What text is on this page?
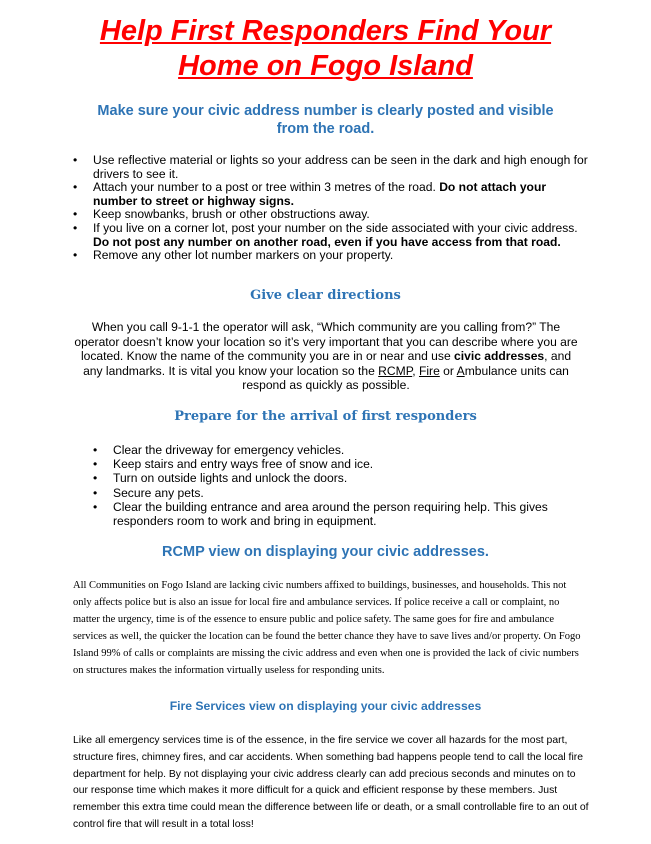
Help First Responders Find Your
Home on Fogo Island
Make sure your civic address number is clearly posted and visible
from the road.
• Use reflective material or lights so your address can be seen in the dark and high enough for drivers to see it.
• Attach your number to a post or tree within 3 metres of the road. Do not attach your number to street or highway signs.
• Keep snowbanks, brush or other obstructions away.
• If you live on a corner lot, post your number on the side associated with your civic address. Do not post any number on another road, even if you have access from that road.
• Remove any other lot number markers on your property.
Give clear directions
When you call 9-1-1 the operator will ask, “Which community are you calling from?” The operator doesn’t know your location so it’s very important that you can describe where you are located. Know the name of the community you are in or near and use civic addresses, and any landmarks. It is vital you know your location so the RCMP, Fire or Ambulance units can respond as quickly as possible.
Prepare for the arrival of first responders
• Clear the driveway for emergency vehicles.
• Keep stairs and entry ways free of snow and ice.
• Turn on outside lights and unlock the doors.
• Secure any pets.
• Clear the building entrance and area around the person requiring help. This gives responders room to work and bring in equipment.
RCMP view on displaying your civic addresses.
All Communities on Fogo Island are lacking civic numbers affixed to buildings, businesses, and households. This not only affects police but is also an issue for local fire and ambulance services. If police receive a call or complaint, no matter the urgency, time is of the essence to ensure public and police safety. The same goes for fire and ambulance services as well, the quicker the location can be found the better chance they have to save lives and/or property. On Fogo Island 99% of calls or complaints are missing the civic address and even when one is provided the lack of civic numbers on structures makes the information virtually useless for responding units.
Fire Services view on displaying your civic addresses
Like all emergency services time is of the essence, in the fire service we cover all hazards for the most part, structure fires, chimney fires, and car accidents. When something bad happens people tend to call the local fire department for help. By not displaying your civic address clearly can add precious seconds and minutes on to our response time which makes it more difficult for a quick and efficient response by these members. Just remember this extra time could mean the difference between life or death, or a small controllable fire to an out of control fire that will result in a total loss!
